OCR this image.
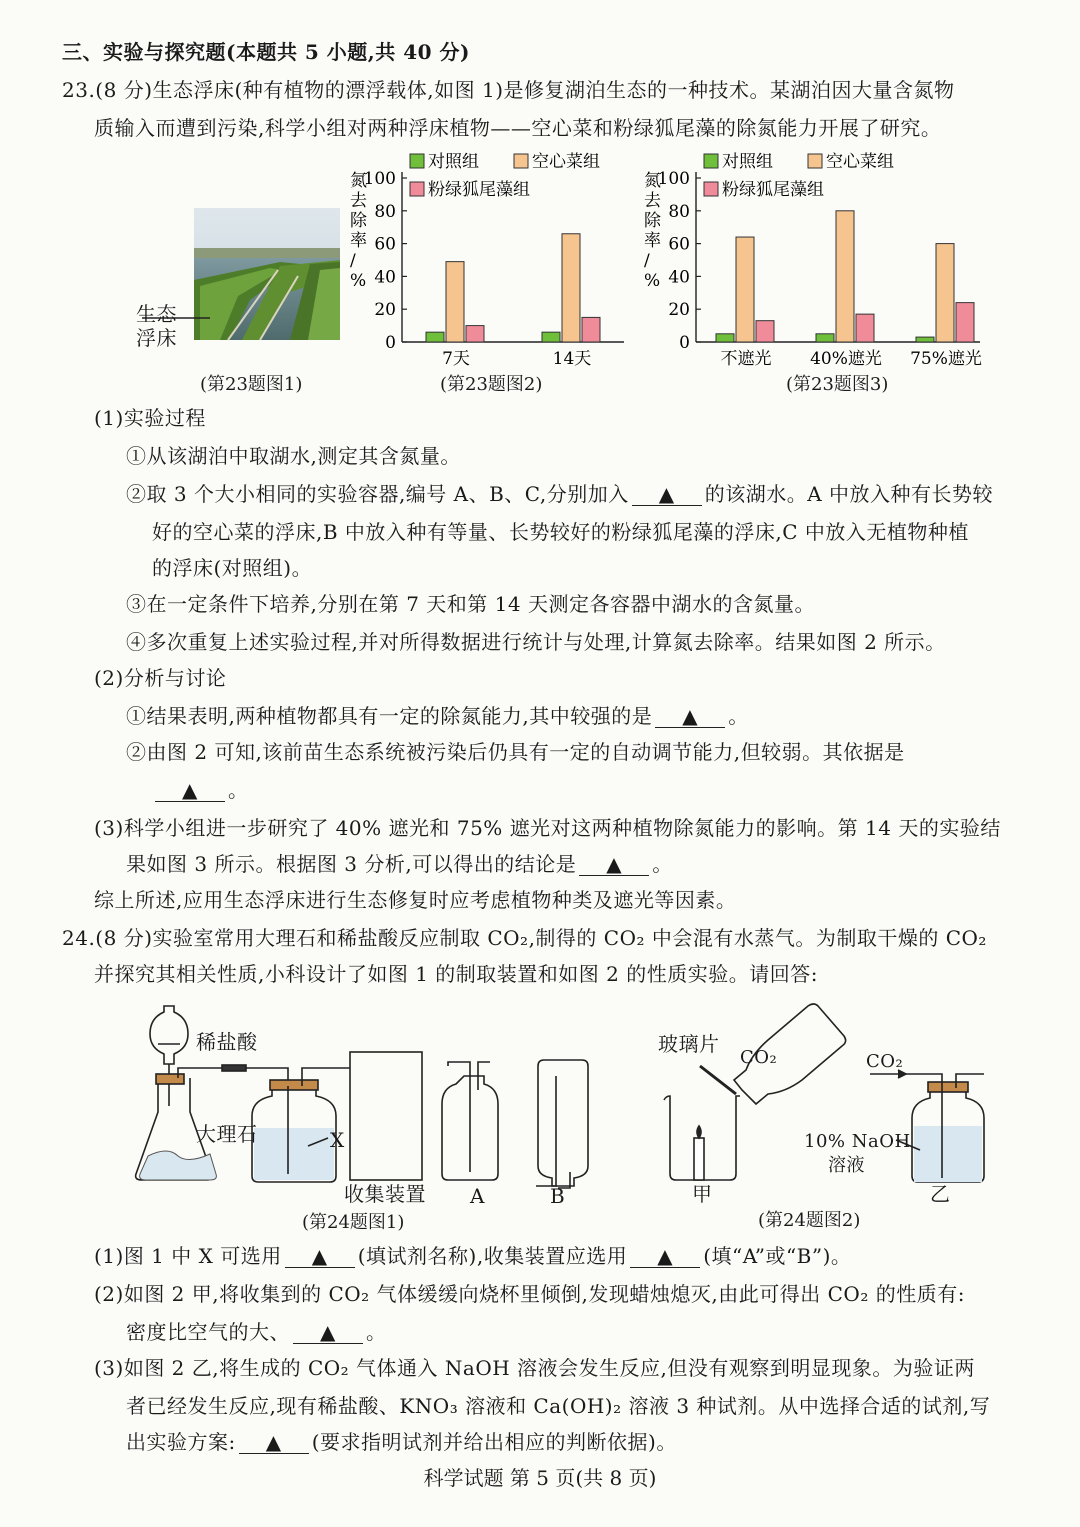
三、实验与探究题(本题共 5 小题,共 40 分)
23.(8 分)生态浮床(种有植物的漂浮载体,如图 1)是修复湖泊生态的一种技术。某湖泊因大量含氮物
质输入而遭到污染,科学小组对两种浮床植物——空心菜和粉绿狐尾藻的除氮能力开展了研究。
生态
浮床
(第23题图1)
对照组	空心菜组
粉绿狐尾藻组
氮
去
除
率
/
%
0
20
40
60
80
100
7天	14天
(第23题图2)
对照组	空心菜组
粉绿狐尾藻组
氮
去
除
率
/
%
0
20
40
60
80
100
不遮光 40%遮光 75%遮光
(第23题图3)
(1)实验过程
①从该湖泊中取湖水,测定其含氮量。
②取 3 个大小相同的实验容器,编号 A、B、C,分别加入 ▲ 的该湖水。A 中放入种有长势较
好的空心菜的浮床,B 中放入种有等量、长势较好的粉绿狐尾藻的浮床,C 中放入无植物种植
的浮床(对照组)。
③在一定条件下培养,分别在第 7 天和第 14 天测定各容器中湖水的含氮量。
④多次重复上述实验过程,并对所得数据进行统计与处理,计算氮去除率。结果如图 2 所示。
(2)分析与讨论
①结果表明,两种植物都具有一定的除氮能力,其中较强的是 ▲ 。
②由图 2 可知,该前苗生态系统被污染后仍具有一定的自动调节能力,但较弱。其依据是
▲ 。
(3)科学小组进一步研究了 40% 遮光和 75% 遮光对这两种植物除氮能力的影响。第 14 天的实验结
果如图 3 所示。根据图 3 分析,可以得出的结论是 ▲ 。
综上所述,应用生态浮床进行生态修复时应考虑植物种类及遮光等因素。
24.(8 分)实验室常用大理石和稀盐酸反应制取 CO₂,制得的 CO₂ 中会混有水蒸气。为制取干燥的 CO₂
并探究其相关性质,小科设计了如图 1 的制取装置和如图 2 的性质实验。请回答:
稀盐酸
大理石	X
收集装置 A	B
(第24题图1)
玻璃片
CO₂	CO₂
10% NaOH
溶液
甲	乙
(第24题图2)
(1)图 1 中 X 可选用 ▲ (填试剂名称),收集装置应选用 ▲ (填“A”或“B”)。
(2)如图 2 甲,将收集到的 CO₂ 气体缓缓向烧杯里倾倒,发现蜡烛熄灭,由此可得出 CO₂ 的性质有:
密度比空气的大、 ▲ 。
(3)如图 2 乙,将生成的 CO₂ 气体通入 NaOH 溶液会发生反应,但没有观察到明显现象。为验证两
者已经发生反应,现有稀盐酸、KNO₃ 溶液和 Ca(OH)₂ 溶液 3 种试剂。从中选择合适的试剂,写
出实验方案: ▲ (要求指明试剂并给出相应的判断依据)。
科学试题 第 5 页(共 8 页)
